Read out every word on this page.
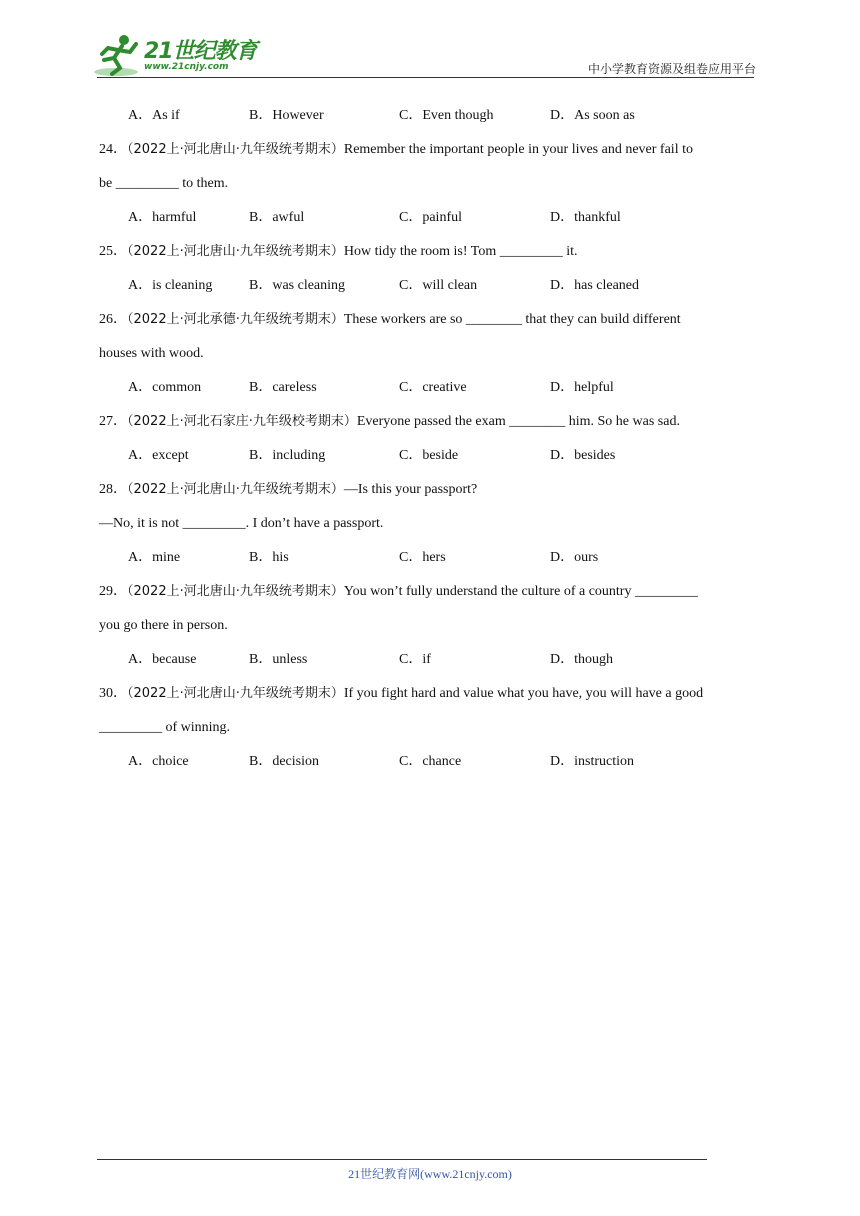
21世纪教育
www.21cnjy.com	中小学教育资源及组卷应用平台
A．As if	B．However	C．Even though	D．As soon as
24．（2022上·河北唐山·九年级统考期末）Remember the important people in your lives and never fail to
be _________ to them.
A．harmful	B．awful	C．painful	D．thankful
25．（2022上·河北唐山·九年级统考期末）How tidy the room is! Tom _________ it.
A．is cleaning	B．was cleaning	C．will clean	D．has cleaned
26．（2022上·河北承德·九年级统考期末）These workers are so ________ that they can build different
houses with wood.
A．common	B．careless	C．creative	D．helpful
27．（2022上·河北石家庄·九年级校考期末）Everyone passed the exam ________ him. So he was sad.
A．except	B．including	C．beside	D．besides
28．（2022上·河北唐山·九年级统考期末）—Is this your passport?
—No, it is not _________. I don’t have a passport.
A．mine	B．his	C．hers	D．ours
29．（2022上·河北唐山·九年级统考期末）You won’t fully understand the culture of a country _________
you go there in person.
A．because	B．unless	C．if	D．though
30．（2022上·河北唐山·九年级统考期末）If you fight hard and value what you have, you will have a good
_________ of winning.
A．choice	B．decision	C．chance	D．instruction
21世纪教育网(www.21cnjy.com)
